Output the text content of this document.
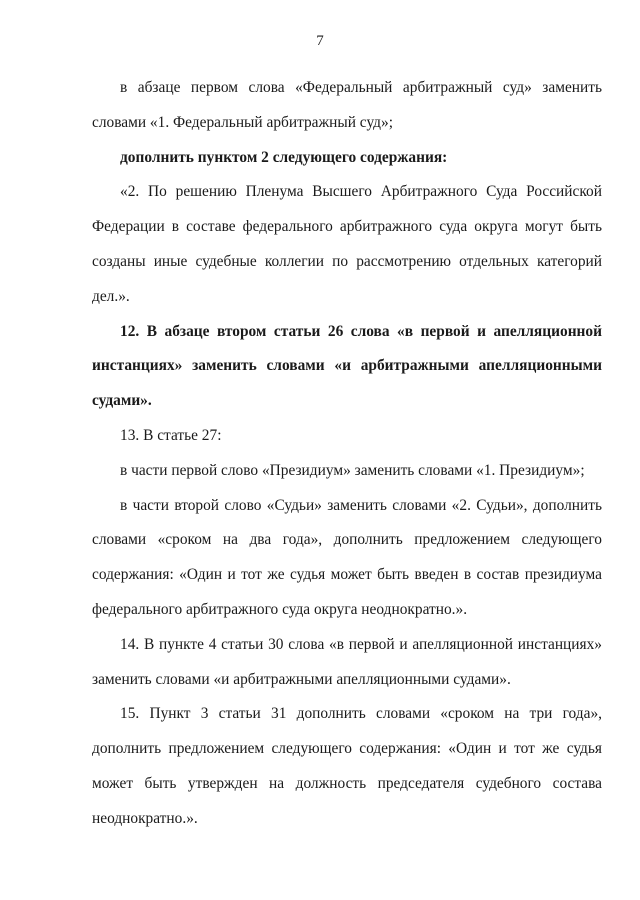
7

в абзаце первом слова «Федеральный арбитражный суд» заменить словами «1. Федеральный арбитражный суд»;

дополнить пунктом 2 следующего содержания:

«2. По решению Пленума Высшего Арбитражного Суда Российской Федерации в составе федерального арбитражного суда округа могут быть созданы иные судебные коллегии по рассмотрению отдельных категорий дел.».

12. В абзаце втором статьи 26 слова «в первой и апелляционной инстанциях» заменить словами «и арбитражными апелляционными судами».

13. В статье 27:

в части первой слово «Президиум» заменить словами «1. Президиум»;

в части второй слово «Судьи» заменить словами «2. Судьи», дополнить словами «сроком на два года», дополнить предложением следующего содержания: «Один и тот же судья может быть введен в состав президиума федерального арбитражного суда округа неоднократно.».

14. В пункте 4 статьи 30 слова «в первой и апелляционной инстанциях» заменить словами «и арбитражными апелляционными судами».

15. Пункт 3 статьи 31 дополнить словами «сроком на три года», дополнить предложением следующего содержания: «Один и тот же судья может быть утвержден на должность председателя судебного состава неоднократно.».
